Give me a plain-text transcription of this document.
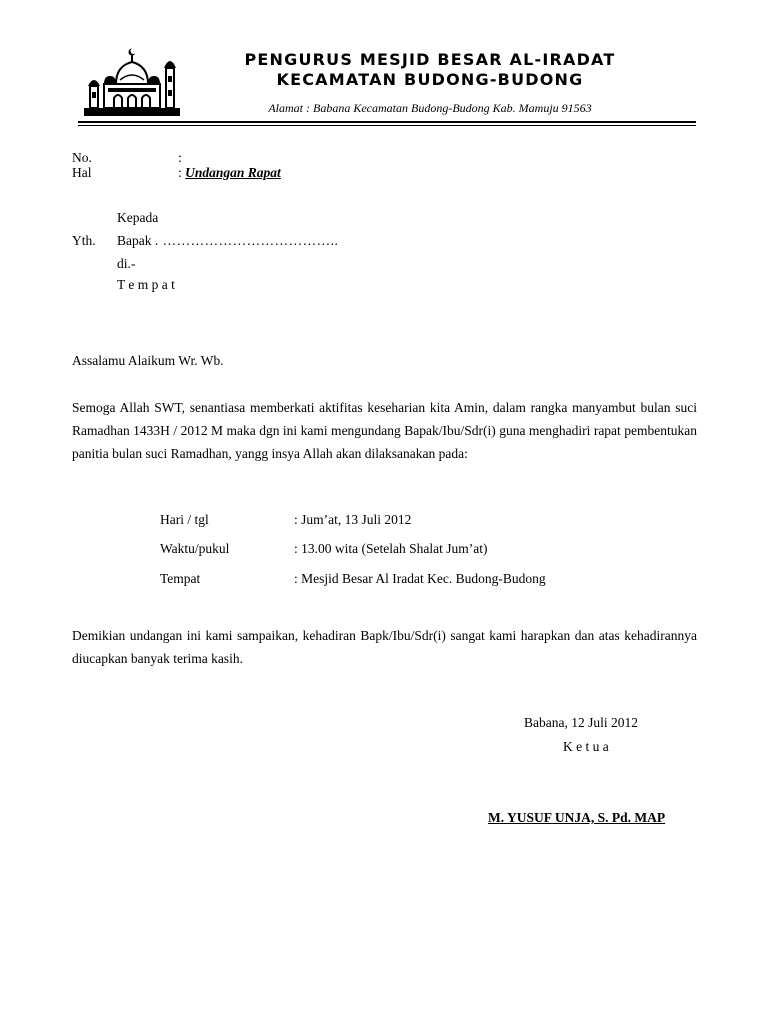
PENGURUS MESJID BESAR AL-IRADAT
KECAMATAN BUDONG-BUDONG
Alamat : Babana Kecamatan Budong-Budong Kab. Mamuju 91563
No.	:
Hal	: Undangan Rapat
Kepada
Yth. Bapak . ………………………………..
di.-
T e m p a t
Assalamu Alaikum Wr. Wb.

Semoga Allah SWT, senantiasa memberkati aktifitas keseharian kita Amin, dalam rangka manyambut bulan suci Ramadhan 1433H / 2012 M maka dgn ini kami mengundang Bapak/Ibu/Sdr(i) guna menghadiri rapat pembentukan panitia bulan suci Ramadhan, yangg insya Allah akan dilaksanakan pada:

Hari / tgl	: Jum’at, 13 Juli 2012
Waktu/pukul	: 13.00 wita (Setelah Shalat Jum’at)
Tempat	: Mesjid Besar Al Iradat Kec. Budong-Budong

Demikian undangan ini kami sampaikan, kehadiran Bapk/Ibu/Sdr(i) sangat kami harapkan dan atas kehadirannya diucapkan banyak terima kasih.

Babana, 12 Juli 2012
K e t u a
M. YUSUF UNJA, S. Pd. MAP
